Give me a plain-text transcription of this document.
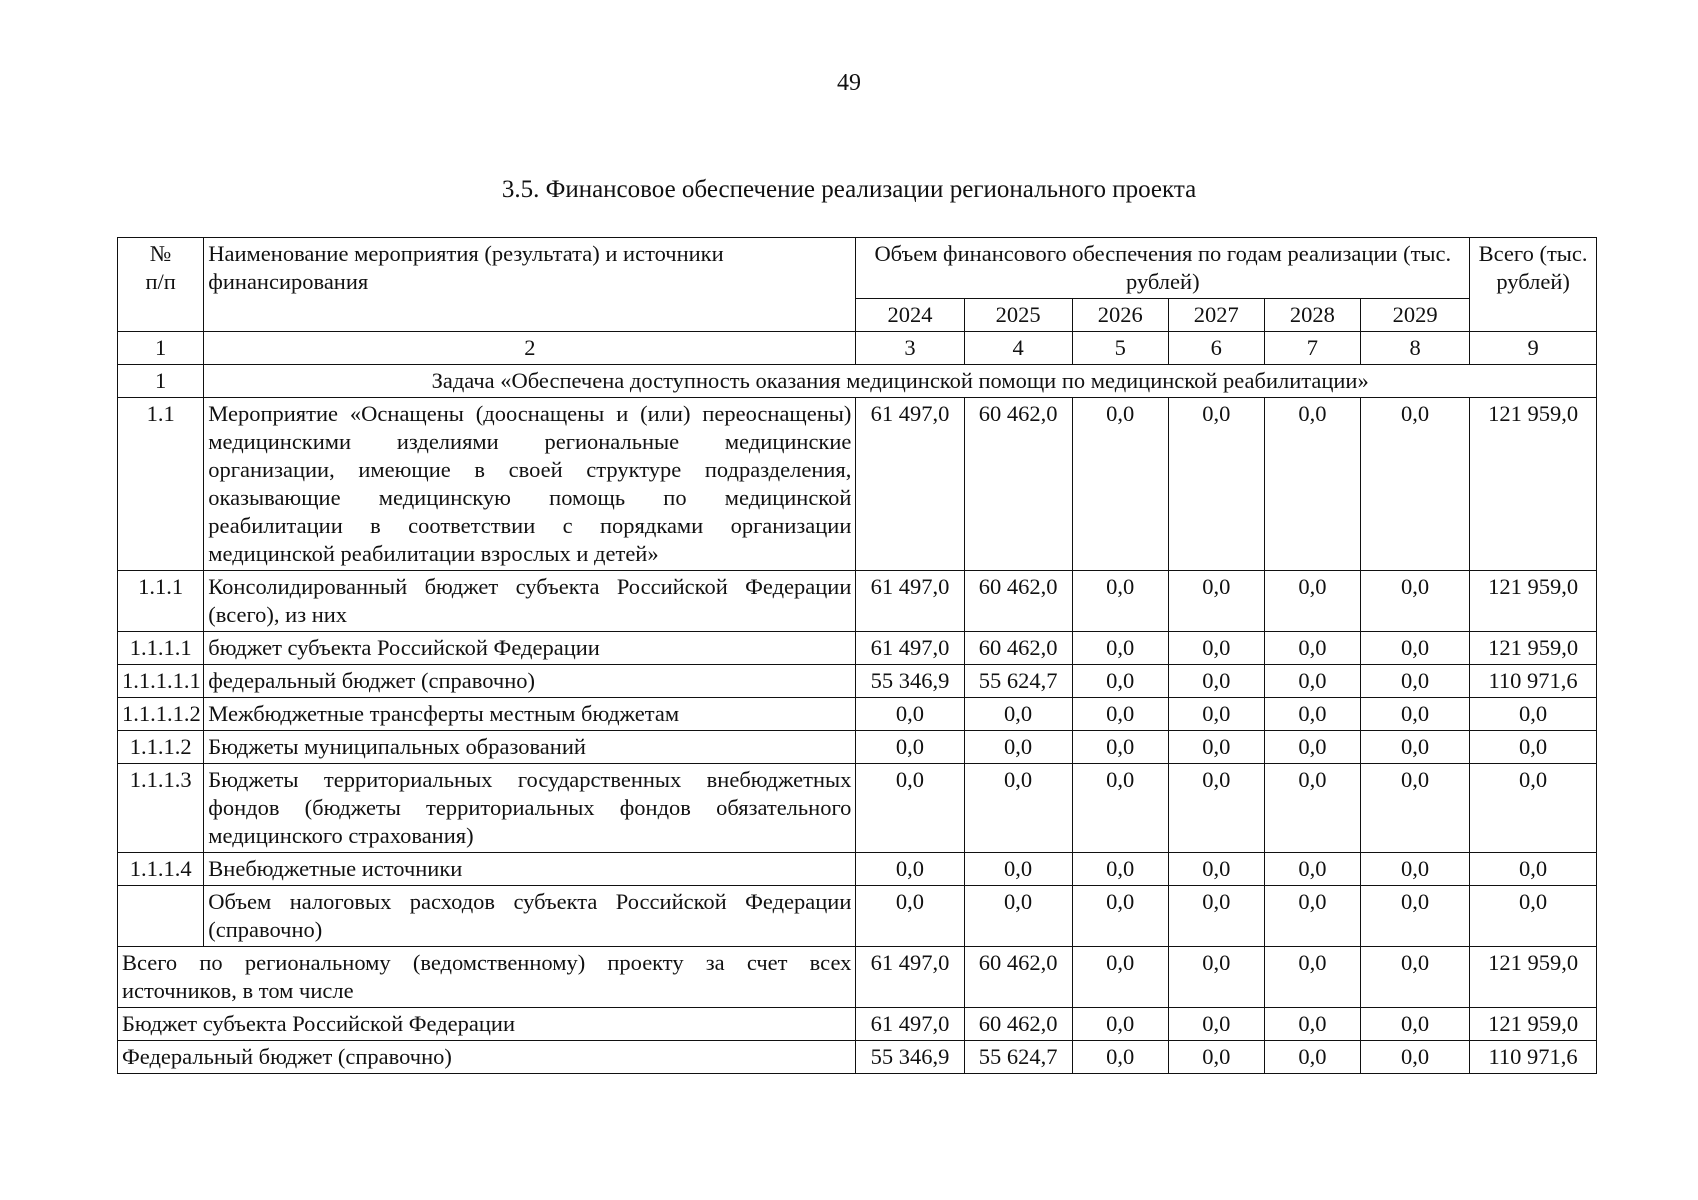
49
3.5. Финансовое обеспечение реализации регионального проекта
№
п/п	Наименование мероприятия (результата) и источники финансирования	Объем финансового обеспечения по годам реализации (тыс. рублей)						Всего (тыс. рублей)
		2024	2025	2026	2027	2028	2029	
1	2	3	4	5	6	7	8	9
1	Задача «Обеспечена доступность оказания медицинской помощи по медицинской реабилитации»							
1.1	Мероприятие «Оснащены (дооснащены и (или) переоснащены) медицинскими изделиями региональные медицинские организации, имеющие в своей структуре подразделения, оказывающие медицинскую помощь по медицинской реабилитации в соответствии с порядками организации медицинской реабилитации взрослых и детей»	61 497,0	60 462,0	0,0	0,0	0,0	0,0	121 959,0
1.1.1	Консолидированный бюджет субъекта Российской Федерации (всего), из них	61 497,0	60 462,0	0,0	0,0	0,0	0,0	121 959,0
1.1.1.1	бюджет субъекта Российской Федерации	61 497,0	60 462,0	0,0	0,0	0,0	0,0	121 959,0
1.1.1.1.1	федеральный бюджет (справочно)	55 346,9	55 624,7	0,0	0,0	0,0	0,0	110 971,6
1.1.1.1.2	Межбюджетные трансферты местным бюджетам	0,0	0,0	0,0	0,0	0,0	0,0	0,0
1.1.1.2	Бюджеты муниципальных образований	0,0	0,0	0,0	0,0	0,0	0,0	0,0
1.1.1.3	Бюджеты территориальных государственных внебюджетных фондов (бюджеты территориальных фондов обязательного медицинского страхования)	0,0	0,0	0,0	0,0	0,0	0,0	0,0
1.1.1.4	Внебюджетные источники	0,0	0,0	0,0	0,0	0,0	0,0	0,0
	Объем налоговых расходов субъекта Российской Федерации (справочно)	0,0	0,0	0,0	0,0	0,0	0,0	0,0
Всего по региональному (ведомственному) проекту за счет всех источников, в том числе		61 497,0	60 462,0	0,0	0,0	0,0	0,0	121 959,0
Бюджет субъекта Российской Федерации		61 497,0	60 462,0	0,0	0,0	0,0	0,0	121 959,0
Федеральный бюджет (справочно)		55 346,9	55 624,7	0,0	0,0	0,0	0,0	110 971,6
